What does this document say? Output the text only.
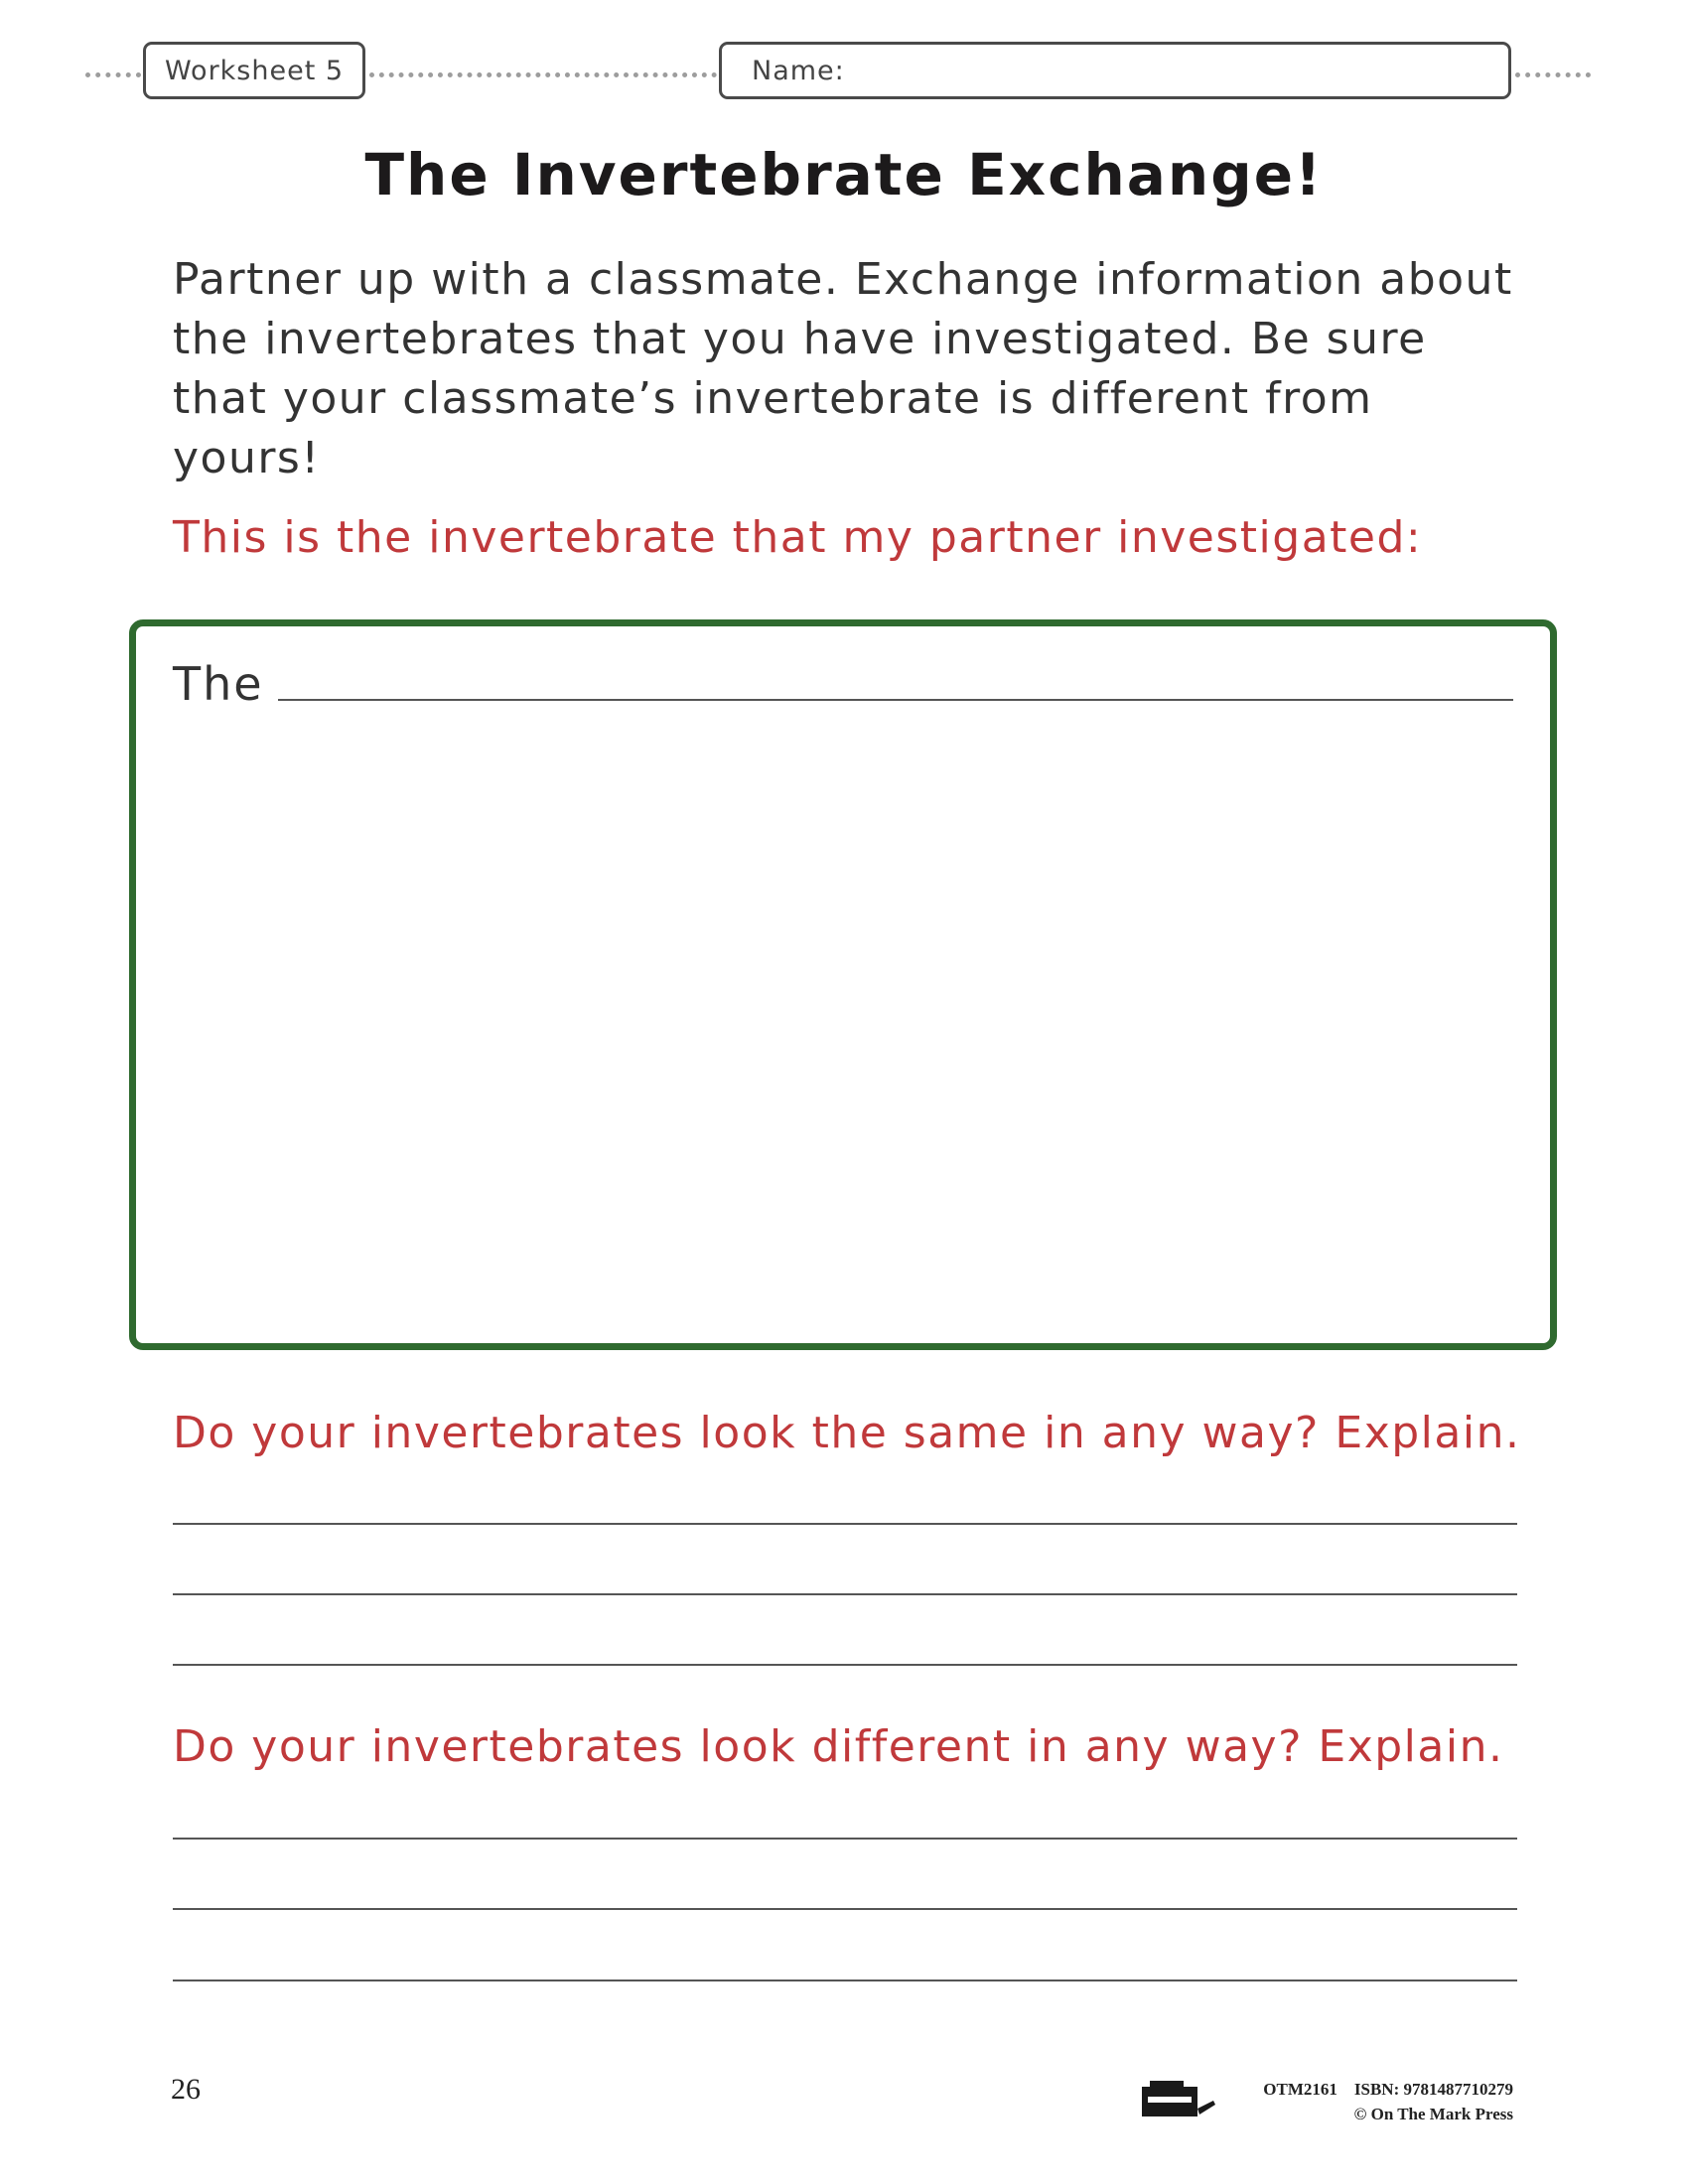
Worksheet 5	Name:
The Invertebrate Exchange!

Partner up with a classmate. Exchange information about the invertebrates that you have investigated. Be sure that your classmate’s invertebrate is different from yours!

This is the invertebrate that my partner investigated:
The
Do your invertebrates look the same in any way? Explain.
Do your invertebrates look different in any way? Explain.
26	OTM2161 ISBN: 9781487710279
© On The Mark Press
